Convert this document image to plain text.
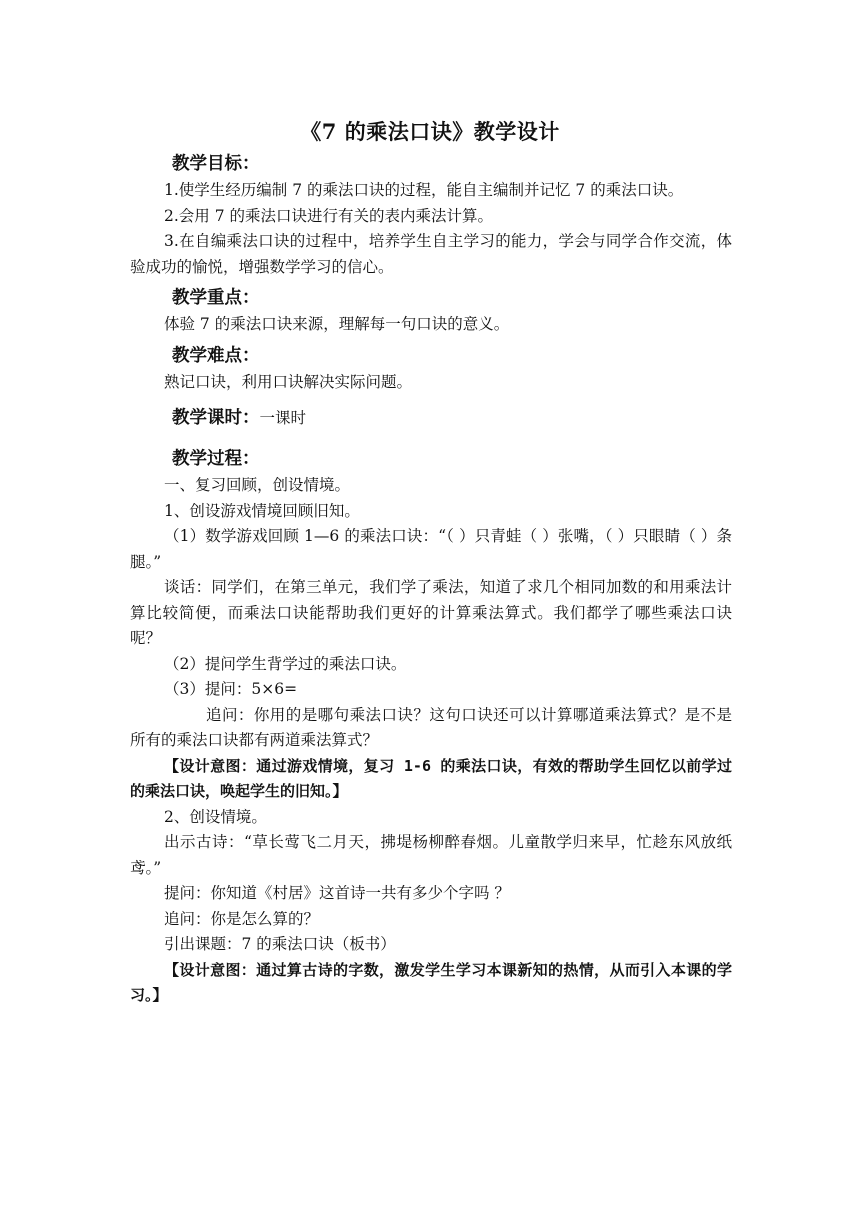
《7 的乘法口诀》教学设计

教学目标：

1.使学生经历编制 7 的乘法口诀的过程，能自主编制并记忆 7 的乘法口诀。

2.会用 7 的乘法口诀进行有关的表内乘法计算。

3.在自编乘法口诀的过程中，培养学生自主学习的能力，学会与同学合作交流，体验成功的愉悦，增强数学学习的信心。

教学重点：

体验 7 的乘法口诀来源，理解每一句口诀的意义。

教学难点：

熟记口诀，利用口诀解决实际问题。

教学课时：一课时

教学过程：

一、复习回顾，创设情境。

1、创设游戏情境回顾旧知。

（1）数学游戏回顾 1—6 的乘法口诀：“（ ）只青蛙（ ）张嘴，（ ）只眼睛（ ）条腿。”

谈话：同学们，在第三单元，我们学了乘法，知道了求几个相同加数的和用乘法计算比较简便，而乘法口诀能帮助我们更好的计算乘法算式。我们都学了哪些乘法口诀呢？

（2）提问学生背学过的乘法口诀。

（3）提问：5×6=

追问：你用的是哪句乘法口诀？这句口诀还可以计算哪道乘法算式？是不是所有的乘法口诀都有两道乘法算式？

【设计意图：通过游戏情境，复习 1-6 的乘法口诀，有效的帮助学生回忆以前学过的乘法口诀，唤起学生的旧知。】

2、创设情境。

出示古诗：“草长莺飞二月天，拂堤杨柳醉春烟。儿童散学归来早，忙趁东风放纸鸢。”

提问：你知道《村居》这首诗一共有多少个字吗 ？

追问：你是怎么算的？

引出课题：7 的乘法口诀（板书）

【设计意图：通过算古诗的字数，激发学生学习本课新知的热情，从而引入本课的学习。】
